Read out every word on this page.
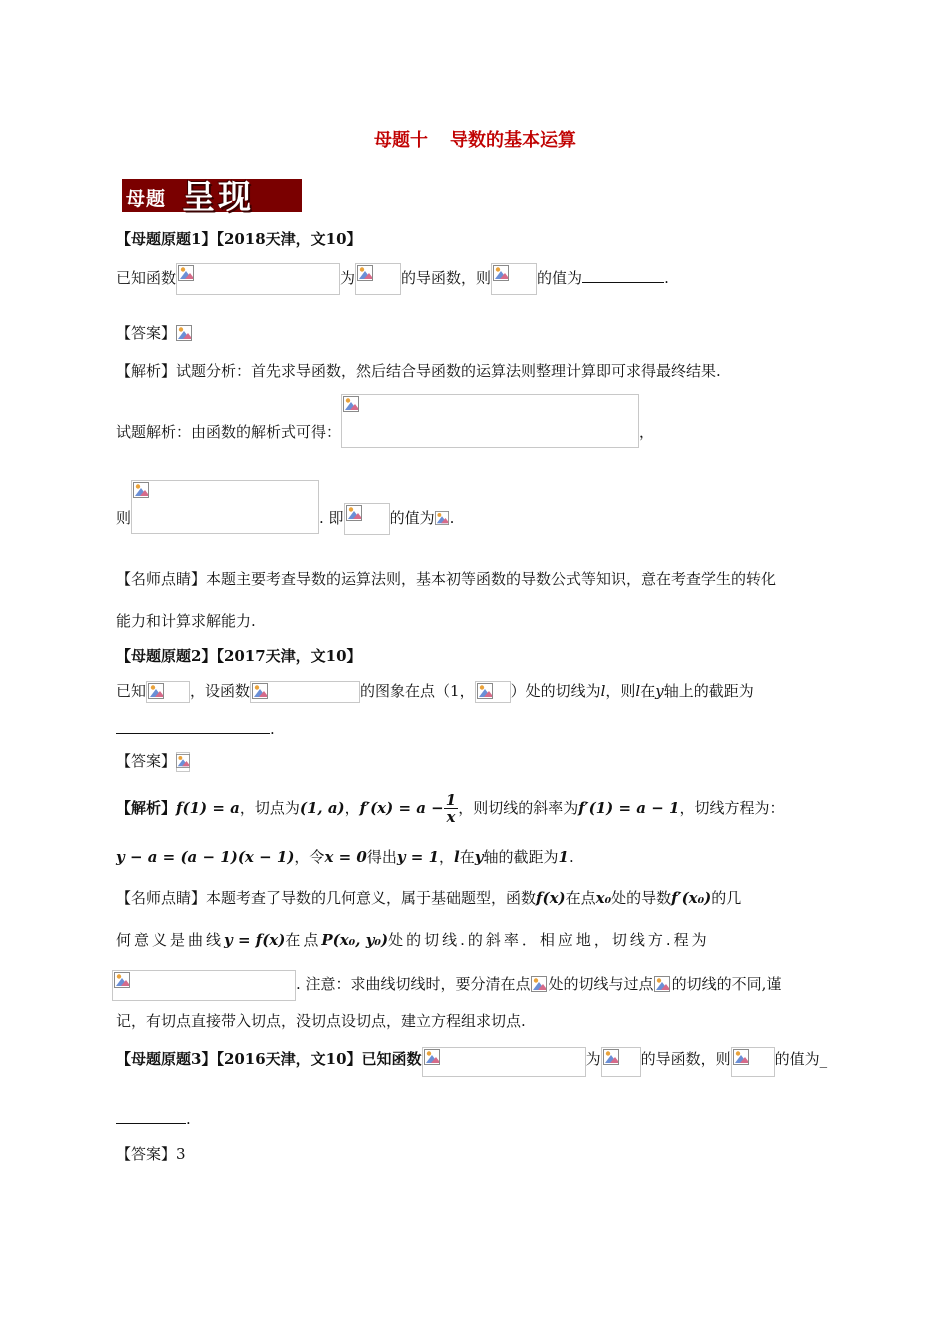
母题十 导数的基本运算
母题 呈现
【母题原题1】【2018天津，文10】
已知函数	为	的导函数，则	的值为	.
【答案】
【解析】试题分析：首先求导函数，然后结合导函数的运算法则整理计算即可求得最终结果.
试题解析：由函数的解析式可得：	，
则	. 即	的值为 .
【名师点睛】本题主要考查导数的运算法则，基本初等函数的导数公式等知识，意在考查学生的转化
能力和计算求解能力.
【母题原题2】【2017天津，文10】
已知	，设函数	的图象在点（1， ）处的切线为l，则l在y轴上的截距为
.
【答案】
【解析】f(1) = a，切点为(1, a)，$f'(x) = a - \frac{1}{x}$ ，则切线的斜率为f′(1) = a − 1，切线方程为：
y − a = (a − 1)(x − 1)，令x = 0得出y = 1，l在y轴的截距为1.
【名师点睛】本题考查了导数的几何意义，属于基础题型，函数f(x)在点x₀处的导数f′(x₀)的几
何意义是曲线y = f(x)在点P(x₀, y₀)处的切线.的斜率．相应地，切线方.程为
. 注意：求曲线切线时，要分清在点 处的切线与过点 的切线的不同,谨
记，有切点直接带入切点，没切点设切点，建立方程组求切点.
【母题原题3】【2016天津，文10】已知函数	为	的导函数，则	的值为_
.
【答案】3
